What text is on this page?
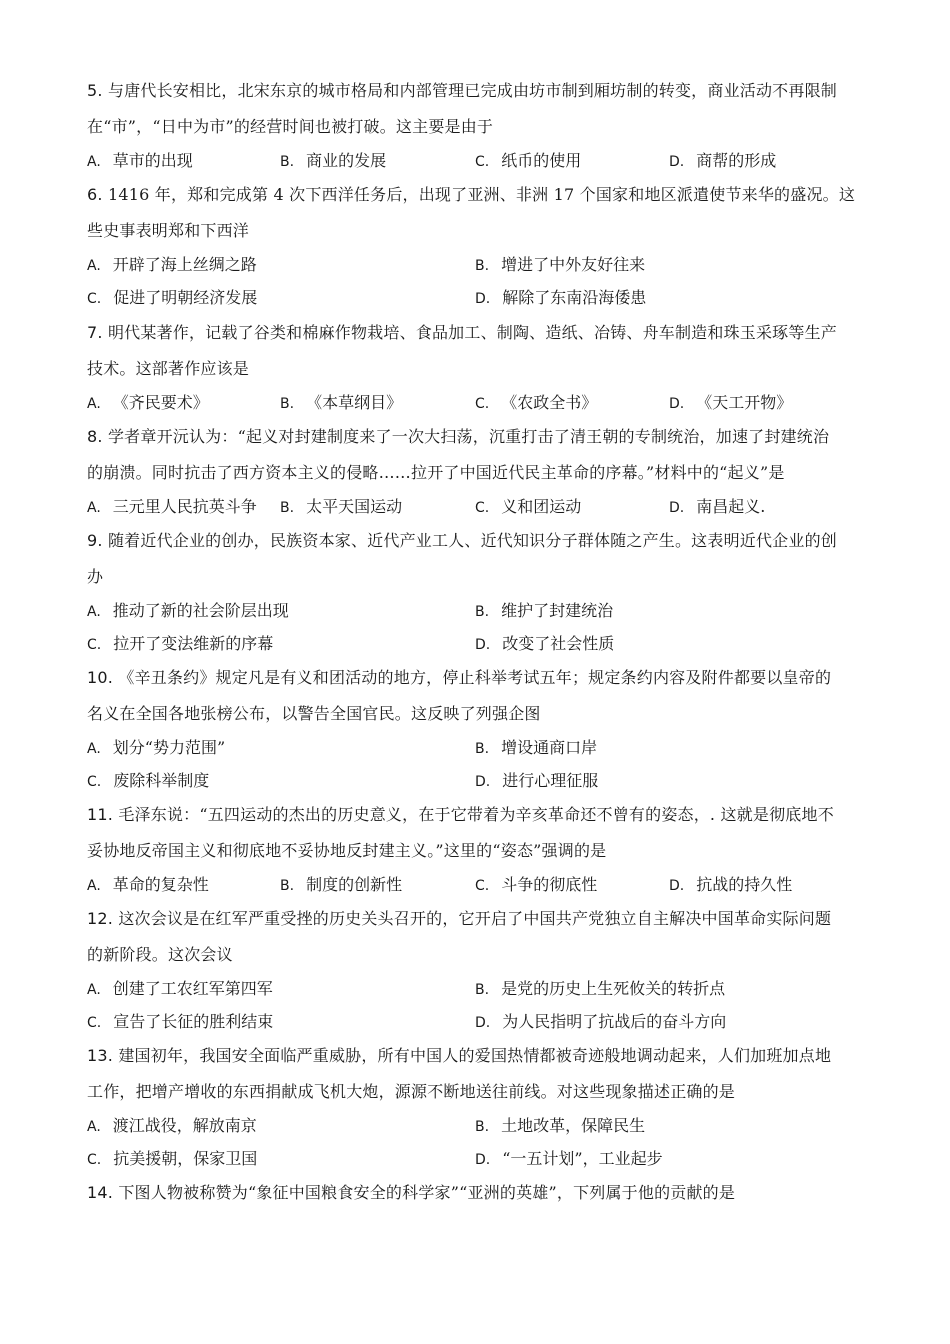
5. 与唐代长安相比，北宋东京的城市格局和内部管理已完成由坊市制到厢坊制的转变，商业活动不再限制
在“市”，“日中为市”的经营时间也被打破。这主要是由于
A. 草市的出现	B. 商业的发展	C. 纸币的使用	D. 商帮的形成
6. 1416 年，郑和完成第 4 次下西洋任务后，出现了亚洲、非洲 17 个国家和地区派遣使节来华的盛况。这
些史事表明郑和下西洋
A. 开辟了海上丝绸之路	B. 增进了中外友好往来
C. 促进了明朝经济发展	D. 解除了东南沿海倭患
7. 明代某著作，记载了谷类和棉麻作物栽培、食品加工、制陶、造纸、冶铸、舟车制造和珠玉采琢等生产
技术。这部著作应该是
A. 《齐民要术》	B. 《本草纲目》	C. 《农政全书》	D. 《天工开物》
8. 学者章开沅认为：“起义对封建制度来了一次大扫荡，沉重打击了清王朝的专制统治，加速了封建统治
的崩溃。同时抗击了西方资本主义的侵略……拉开了中国近代民主革命的序幕。”材料中的“起义”是
A. 三元里人民抗英斗争 B. 太平天国运动	C. 义和团运动	D. 南昌起义.
9. 随着近代企业的创办，民族资本家、近代产业工人、近代知识分子群体随之产生。这表明近代企业的创
办
A. 推动了新的社会阶层出现	B. 维护了封建统治
C. 拉开了变法维新的序幕	D. 改变了社会性质
10. 《辛丑条约》规定凡是有义和团活动的地方，停止科举考试五年；规定条约内容及附件都要以皇帝的
名义在全国各地张榜公布，以警告全国官民。这反映了列强企图
A. 划分“势力范围”	B. 增设通商口岸
C. 废除科举制度	D. 进行心理征服
11. 毛泽东说：“五四运动的杰出的历史意义，在于它带着为辛亥革命还不曾有的姿态，. 这就是彻底地不
妥协地反帝国主义和彻底地不妥协地反封建主义。”这里的“姿态”强调的是
A. 革命的复杂性	B. 制度的创新性	C. 斗争的彻底性	D. 抗战的持久性
12. 这次会议是在红军严重受挫的历史关头召开的，它开启了中国共产党独立自主解决中国革命实际问题
的新阶段。这次会议
A. 创建了工农红军第四军	B. 是党的历史上生死攸关的转折点
C. 宣告了长征的胜利结束	D. 为人民指明了抗战后的奋斗方向
13. 建国初年，我国安全面临严重威胁，所有中国人的爱国热情都被奇迹般地调动起来，人们加班加点地
工作，把增产增收的东西捐献成飞机大炮，源源不断地送往前线。对这些现象描述正确的是
A. 渡江战役，解放南京	B. 土地改革，保障民生
C. 抗美援朝，保家卫国	D. “一五计划”，工业起步
14. 下图人物被称赞为“象征中国粮食安全的科学家”“亚洲的英雄”，下列属于他的贡献的是
